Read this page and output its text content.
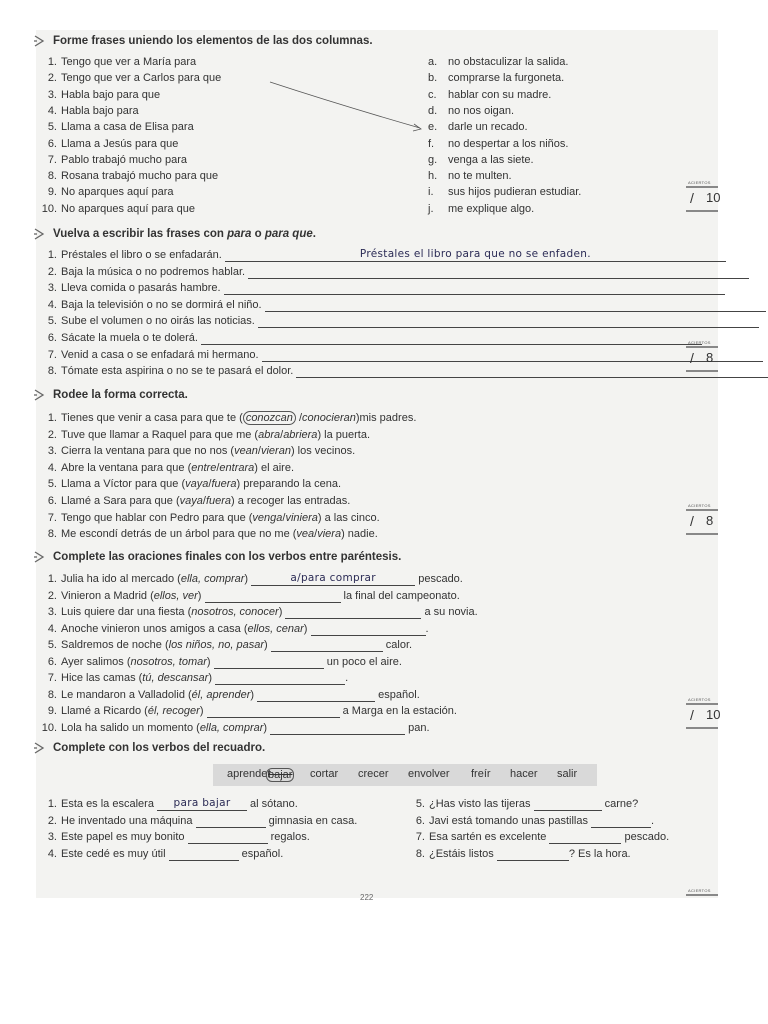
Forme frases uniendo los elementos de las dos columnas.
1. Tengo que ver a María para
2. Tengo que ver a Carlos para que
3. Habla bajo para que
4. Habla bajo para
5. Llama a casa de Elisa para
6. Llama a Jesús para que
7. Pablo trabajó mucho para
8. Rosana trabajó mucho para que
9. No aparques aquí para
10. No aparques aquí para que
a. no obstaculizar la salida.
b. comprarse la furgoneta.
c. hablar con su madre.
d. no nos oigan.
e. darle un recado.
f. no despertar a los niños.
g. venga a las siete.
h. no te multen.
i. sus hijos pudieran estudiar.
j. me explique algo.
Vuelva a escribir las frases con para o para que.
1. Préstales el libro o se enfadarán.	Préstales el libro para que no se enfaden.
2. Baja la música o no podremos hablar.
3. Lleva comida o pasarás hambre.
4. Baja la televisión o no se dormirá el niño.
5. Sube el volumen o no oirás las noticias.
6. Sácate la muela o te dolerá.
7. Venid a casa o se enfadará mi hermano.
8. Tómate esta aspirina o no se te pasará el dolor.
Rodee la forma correcta.
1. Tienes que venir a casa para que te ( conozcan /conocieran)mis padres.
2. Tuve que llamar a Raquel para que me (abra/abriera) la puerta.
3. Cierra la ventana para que no nos (vean/vieran) los vecinos.
4. Abre la ventana para que (entre/entrara) el aire.
5. Llama a Víctor para que (vaya/fuera) preparando la cena.
6. Llamé a Sara para que (vaya/fuera) a recoger las entradas.
7. Tengo que hablar con Pedro para que (venga/viniera) a las cinco.
8. Me escondí detrás de un árbol para que no me (vea/viera) nadie.
Complete las oraciones finales con los verbos entre paréntesis.
1. Julia ha ido al mercado (ella, comprar)	a/para comprar	pescado.
2. Vinieron a Madrid (ellos, ver)	la final del campeonato.
3. Luis quiere dar una fiesta (nosotros, conocer)	a su novia.
4. Anoche vinieron unos amigos a casa (ellos, cenar)	.
5. Saldremos de noche (los niños, no, pasar)	calor.
6. Ayer salimos (nosotros, tomar)	un poco el aire.
7. Hice las camas (tú, descansar)	.
8. Le mandaron a Valladolid (él, aprender)	español.
9. Llamé a Ricardo (él, recoger)	a Marga en la estación.
10. Lola ha salido un momento (ella, comprar)	pan.
Complete con los verbos del recuadro.
aprender
bajar cortar crecer envolver freír hacer salir
1. Esta es la escalera	para bajar	al sótano.
2. He inventado una máquina	gimnasia en casa.
3. Este papel es muy bonito	regalos.
4. Este cedé es muy útil	español.
5. ¿Has visto las tijeras	carne?
6. Javi está tomando unas pastillas	.
7. Esa sartén es excelente	pescado.
8. ¿Estáis listos	? Es la hora.
ACIERTOS
/ 10
ACIERTOS
/ 8
ACIERTOS
/ 8
ACIERTOS
/ 10
ACIERTOS
222
